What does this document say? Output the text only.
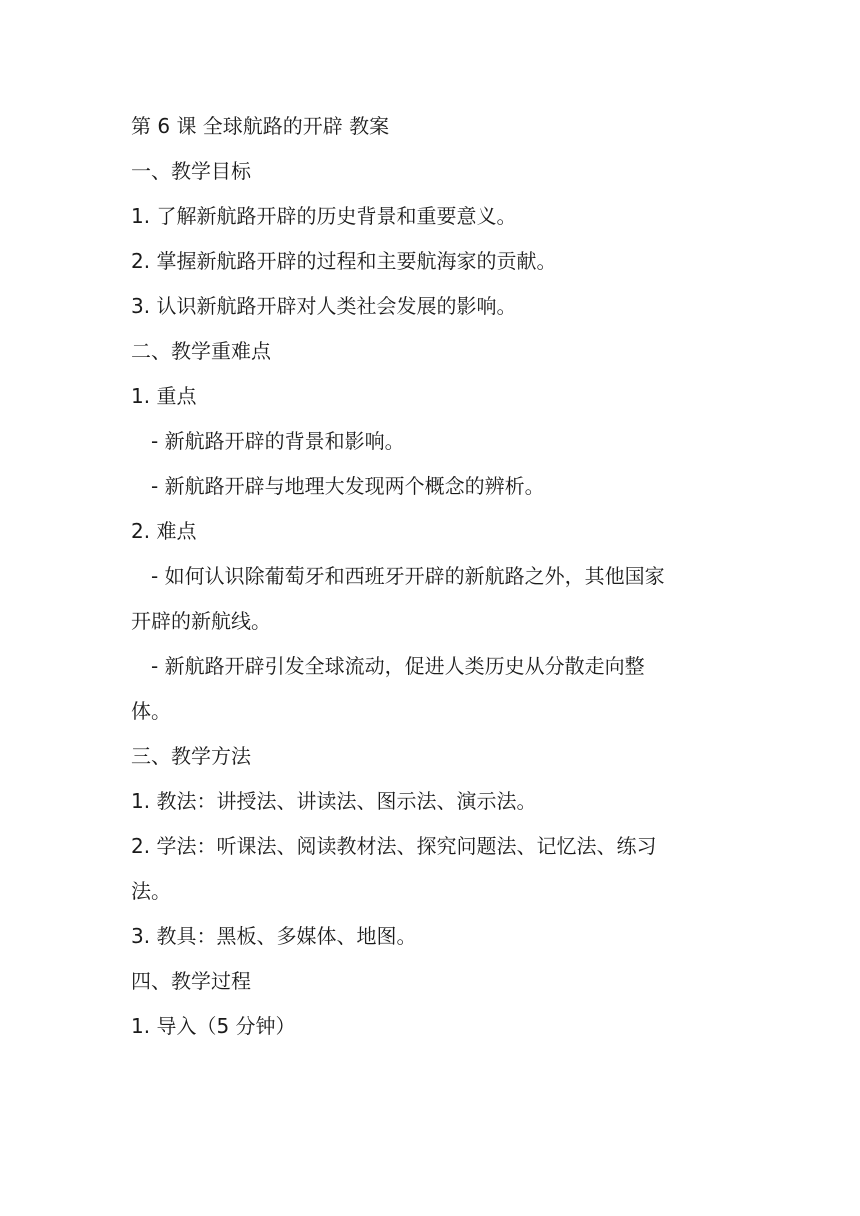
第 6 课 全球航路的开辟 教案

一、教学目标

1. 了解新航路开辟的历史背景和重要意义。

2. 掌握新航路开辟的过程和主要航海家的贡献。

3. 认识新航路开辟对人类社会发展的影响。

二、教学重难点

1. 重点

- 新航路开辟的背景和影响。

- 新航路开辟与地理大发现两个概念的辨析。

2. 难点

- 如何认识除葡萄牙和西班牙开辟的新航路之外，其他国家

开辟的新航线。

- 新航路开辟引发全球流动，促进人类历史从分散走向整

体。

三、教学方法

1. 教法：讲授法、讲读法、图示法、演示法。

2. 学法：听课法、阅读教材法、探究问题法、记忆法、练习

法。

3. 教具：黑板、多媒体、地图。

四、教学过程

1. 导入（5 分钟）
